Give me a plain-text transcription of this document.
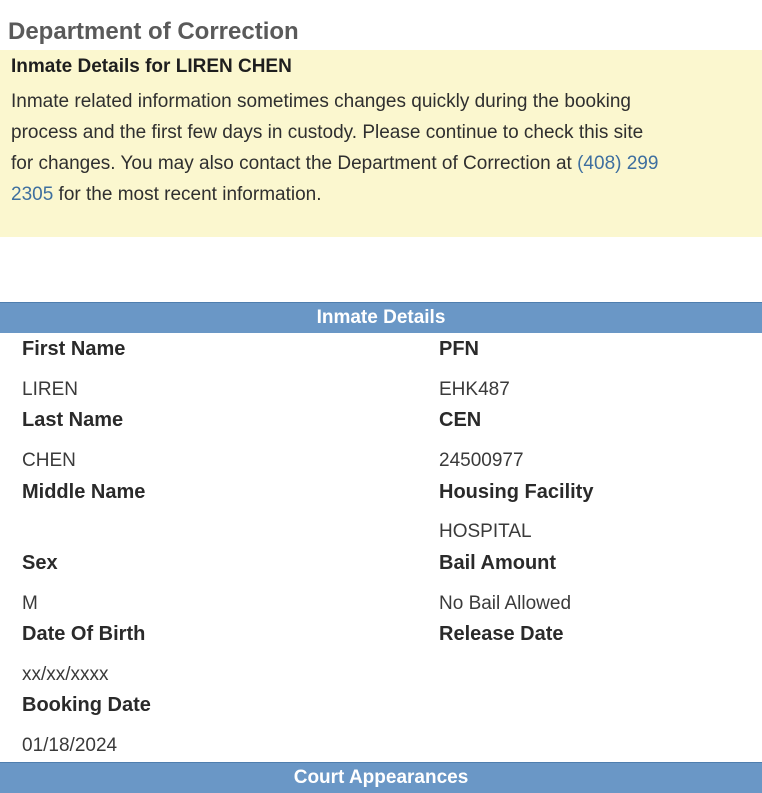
Department of Correction

Inmate Details for LIREN CHEN

Inmate related information sometimes changes quickly during the booking
process and the first few days in custody. Please continue to check this site
for changes. You may also contact the Department of Correction at (408) 299
2305 for the most recent information.

Inmate Details

First Name

LIREN

Last Name

CHEN

Middle Name

Sex

M

Date Of Birth

xx/xx/xxxx

Booking Date

01/18/2024

PFN

EHK487

CEN

24500977

Housing Facility

HOSPITAL

Bail Amount

No Bail Allowed

Release Date

Court Appearances
